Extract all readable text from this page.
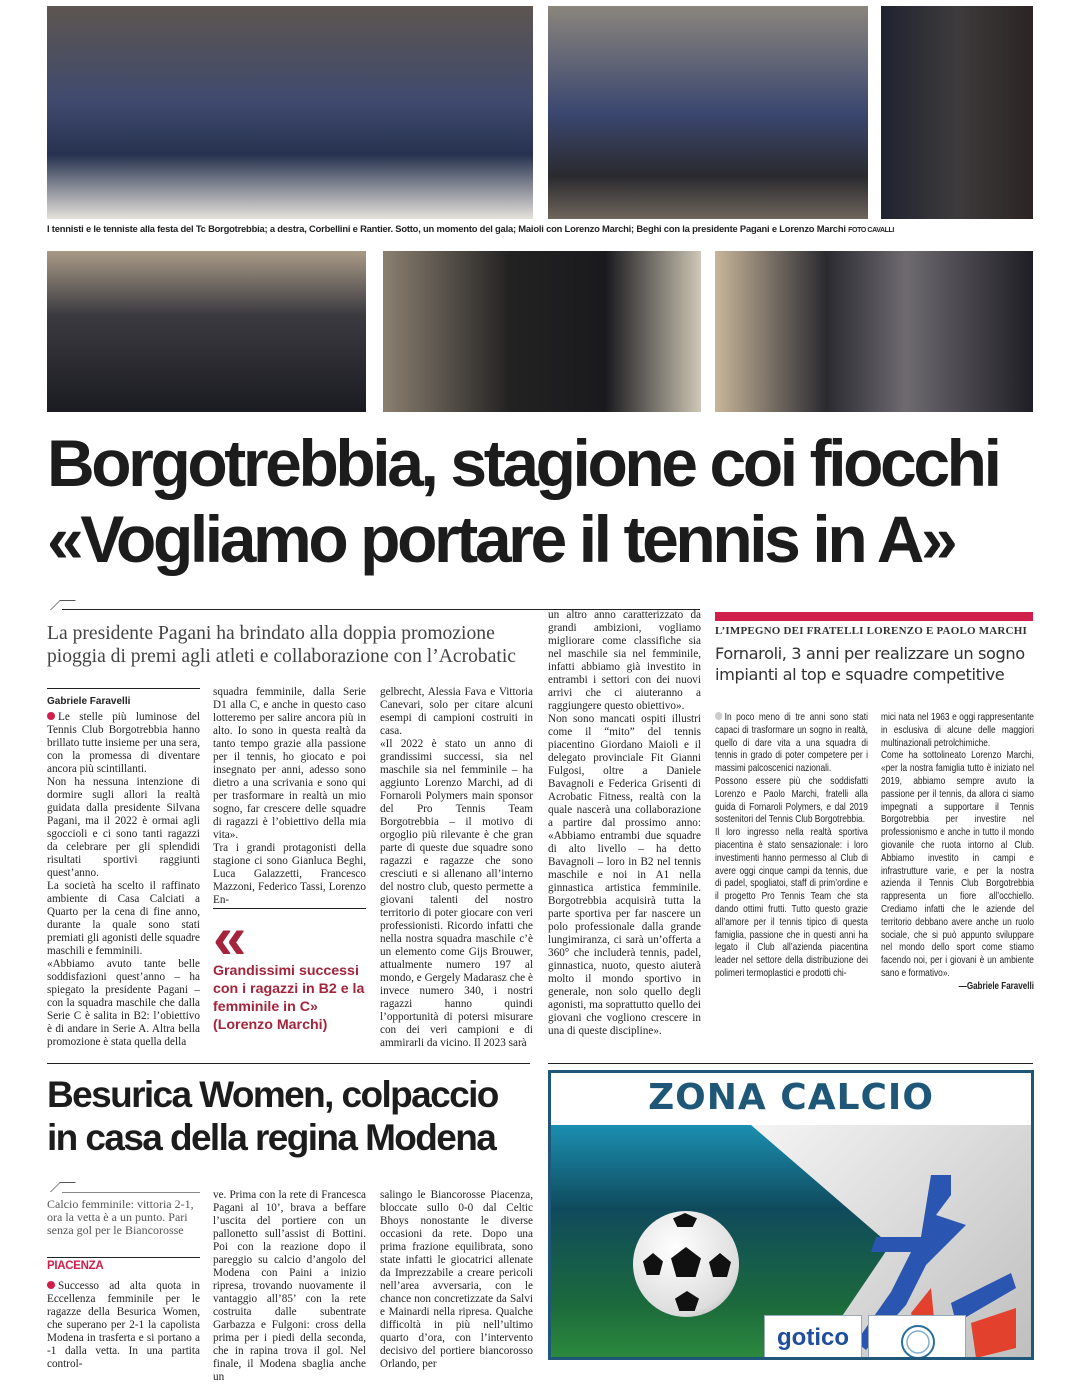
I tennisti e le tenniste alla festa del Tc Borgotrebbia; a destra, Corbellini e Rantier. Sotto, un momento del gala; Maioli con Lorenzo Marchi; Beghi con la presidente Pagani e Lorenzo Marchi FOTO CAVALLI
Borgotrebbia, stagione coi fiocchi
«Vogliamo portare il tennis in A»
La presidente Pagani ha brindato alla doppia promozione
pioggia di premi agli atleti e collaborazione con l’Acrobatic
Gabriele Faravelli

Le stelle più luminose del Tennis Club Borgotrebbia hanno brillato tutte insieme per una sera, con la promessa di diventare ancora più scintillanti.

Non ha nessuna intenzione di dormire sugli allori la realtà guidata dalla presidente Silvana Pagani, ma il 2022 è ormai agli sgoccioli e ci sono tanti ragazzi da celebrare per gli splendidi risultati sportivi raggiunti quest’anno.

La società ha scelto il raffinato ambiente di Casa Calciati a Quarto per la cena di fine anno, durante la quale sono stati premiati gli agonisti delle squadre maschili e femminili.

«Abbiamo avuto tante belle soddisfazioni quest’anno – ha spiegato la presidente Pagani – con la squadra maschile che dalla Serie C è salita in B2: l’obiettivo è di andare in Serie A. Altra bella promozione è stata quella della

squadra femminile, dalla Serie D1 alla C, e anche in questo caso lotteremo per salire ancora più in alto. Io sono in questa realtà da tanto tempo grazie alla passione per il tennis, ho giocato e poi insegnato per anni, adesso sono dietro a una scrivania e sono qui per trasformare in realtà un mio sogno, far crescere delle squadre di ragazzi è l’obiettivo della mia vita».

Tra i grandi protagonisti della stagione ci sono Gianluca Beghi, Luca Galazzetti, Francesco Mazzoni, Federico Tassi, Lorenzo En-

«
Grandissimi successi con i ragazzi in B2 e la femminile in C» (Lorenzo Marchi)

gelbrecht, Alessia Fava e Vittoria Canevari, solo per citare alcuni esempi di campioni costruiti in casa.

«Il 2022 è stato un anno di grandissimi successi, sia nel maschile sia nel femminile – ha aggiunto Lorenzo Marchi, ad di Fornaroli Polymers main sponsor del Pro Tennis Team Borgotrebbia – il motivo di orgoglio più rilevante è che gran parte di queste due squadre sono ragazzi e ragazze che sono cresciuti e si allenano all’interno del nostro club, questo permette a giovani talenti del nostro territorio di poter giocare con veri professionisti. Ricordo infatti che nella nostra squadra maschile c’è un elemento come Gijs Brouwer, attualmente numero 197 al mondo, e Gergely Madarasz che è invece numero 340, i nostri ragazzi hanno quindi l’opportunità di potersi misurare con dei veri campioni e di ammirarli da vicino. Il 2023 sarà

un altro anno caratterizzato da grandi ambizioni, vogliamo migliorare come classifiche sia nel maschile sia nel femminile, infatti abbiamo già investito in entrambi i settori con dei nuovi arrivi che ci aiuteranno a raggiungere questo obiettivo».

Non sono mancati ospiti illustri come il “mito” del tennis piacentino Giordano Maioli e il delegato provinciale Fit Gianni Fulgosi, oltre a Daniele Bavagnoli e Federica Grisenti di Acrobatic Fitness, realtà con la quale nascerà una collaborazione a partire dal prossimo anno: «Abbiamo entrambi due squadre di alto livello – ha detto Bavagnoli – loro in B2 nel tennis maschile e noi in A1 nella ginnastica artistica femminile. Borgotrebbia acquisirà tutta la parte sportiva per far nascere un polo professionale dalla grande lungimiranza, ci sarà un’offerta a 360° che includerà tennis, padel, ginnastica, nuoto, questo aiuterà molto il mondo sportivo in generale, non solo quello degli agonisti, ma soprattutto quello dei giovani che vogliono crescere in una di queste discipline».

L’IMPEGNO DEI FRATELLI LORENZO E PAOLO MARCHI
Fornaroli, 3 anni per realizzare un sogno
impianti al top e squadre competitive

In poco meno di tre anni sono stati capaci di trasformare un sogno in realtà, quello di dare vita a una squadra di tennis in grado di poter competere per i massimi palcoscenici nazionali.

Possono essere più che soddisfatti Lorenzo e Paolo Marchi, fratelli alla guida di Fornaroli Polymers, e dal 2019 sostenitori del Tennis Club Borgotrebbia.

Il loro ingresso nella realtà sportiva piacentina è stato sensazionale: i loro investimenti hanno permesso al Club di avere oggi cinque campi da tennis, due di padel, spogliatoi, staff di prim’ordine e il progetto Pro Tennis Team che sta dando ottimi frutti. Tutto questo grazie all’amore per il tennis tipico di questa famiglia, passione che in questi anni ha legato il Club all’azienda piacentina leader nel settore della distribuzione dei polimeri termoplastici e prodotti chi-

mici nata nel 1963 e oggi rappresentante in esclusiva di alcune delle maggiori multinazionali petrolchimiche.

Come ha sottolineato Lorenzo Marchi, «per la nostra famiglia tutto è iniziato nel 2019, abbiamo sempre avuto la passione per il tennis, da allora ci siamo impegnati a supportare il Tennis Borgotrebbia per investire nel professionismo e anche in tutto il mondo giovanile che ruota intorno al Club. Abbiamo investito in campi e infrastrutture varie, e per la nostra azienda il Tennis Club Borgotrebbia rappresenta un fiore all’occhiello. Crediamo infatti che le aziende del territorio debbano avere anche un ruolo sociale, che si può appunto sviluppare nel mondo dello sport come stiamo facendo noi, per i giovani è un ambiente sano e formativo».

—Gabriele Faravelli

Besurica Women, colpaccio
in casa della regina Modena
Calcio femminile: vittoria 2-1, ora la vetta è a un punto. Pari senza gol per le Biancorosse
PIACENZA

Successo ad alta quota in Eccellenza femminile per le ragazze della Besurica Women, che superano per 2-1 la capolista Modena in trasferta e si portano a -1 dalla vetta. In una partita control-

ve. Prima con la rete di Francesca Pagani al 10’, brava a beffare l’uscita del portiere con un pallonetto sull’assist di Bottini. Poi con la reazione dopo il pareggio su calcio d’angolo del Modena con Paini a inizio ripresa, trovando nuovamente il vantaggio all’85’ con la rete costruita dalle subentrate Garbazza e Fulgoni: cross della prima per i piedi della seconda, che in rapina trova il gol. Nel finale, il Modena sbaglia anche un

salingo le Biancorosse Piacenza, bloccate sullo 0-0 dal Celtic Bhoys nonostante le diverse occasioni da rete. Dopo una prima frazione equilibrata, sono state infatti le giocatrici allenate da Imprezzabile a creare pericoli nell’area avversaria, con le chance non concretizzate da Salvi e Mainardi nella ripresa. Qualche difficoltà in più nell’ultimo quarto d’ora, con l’intervento decisivo del portiere biancorosso Orlando, per

ZONA CALCIO
gotico
